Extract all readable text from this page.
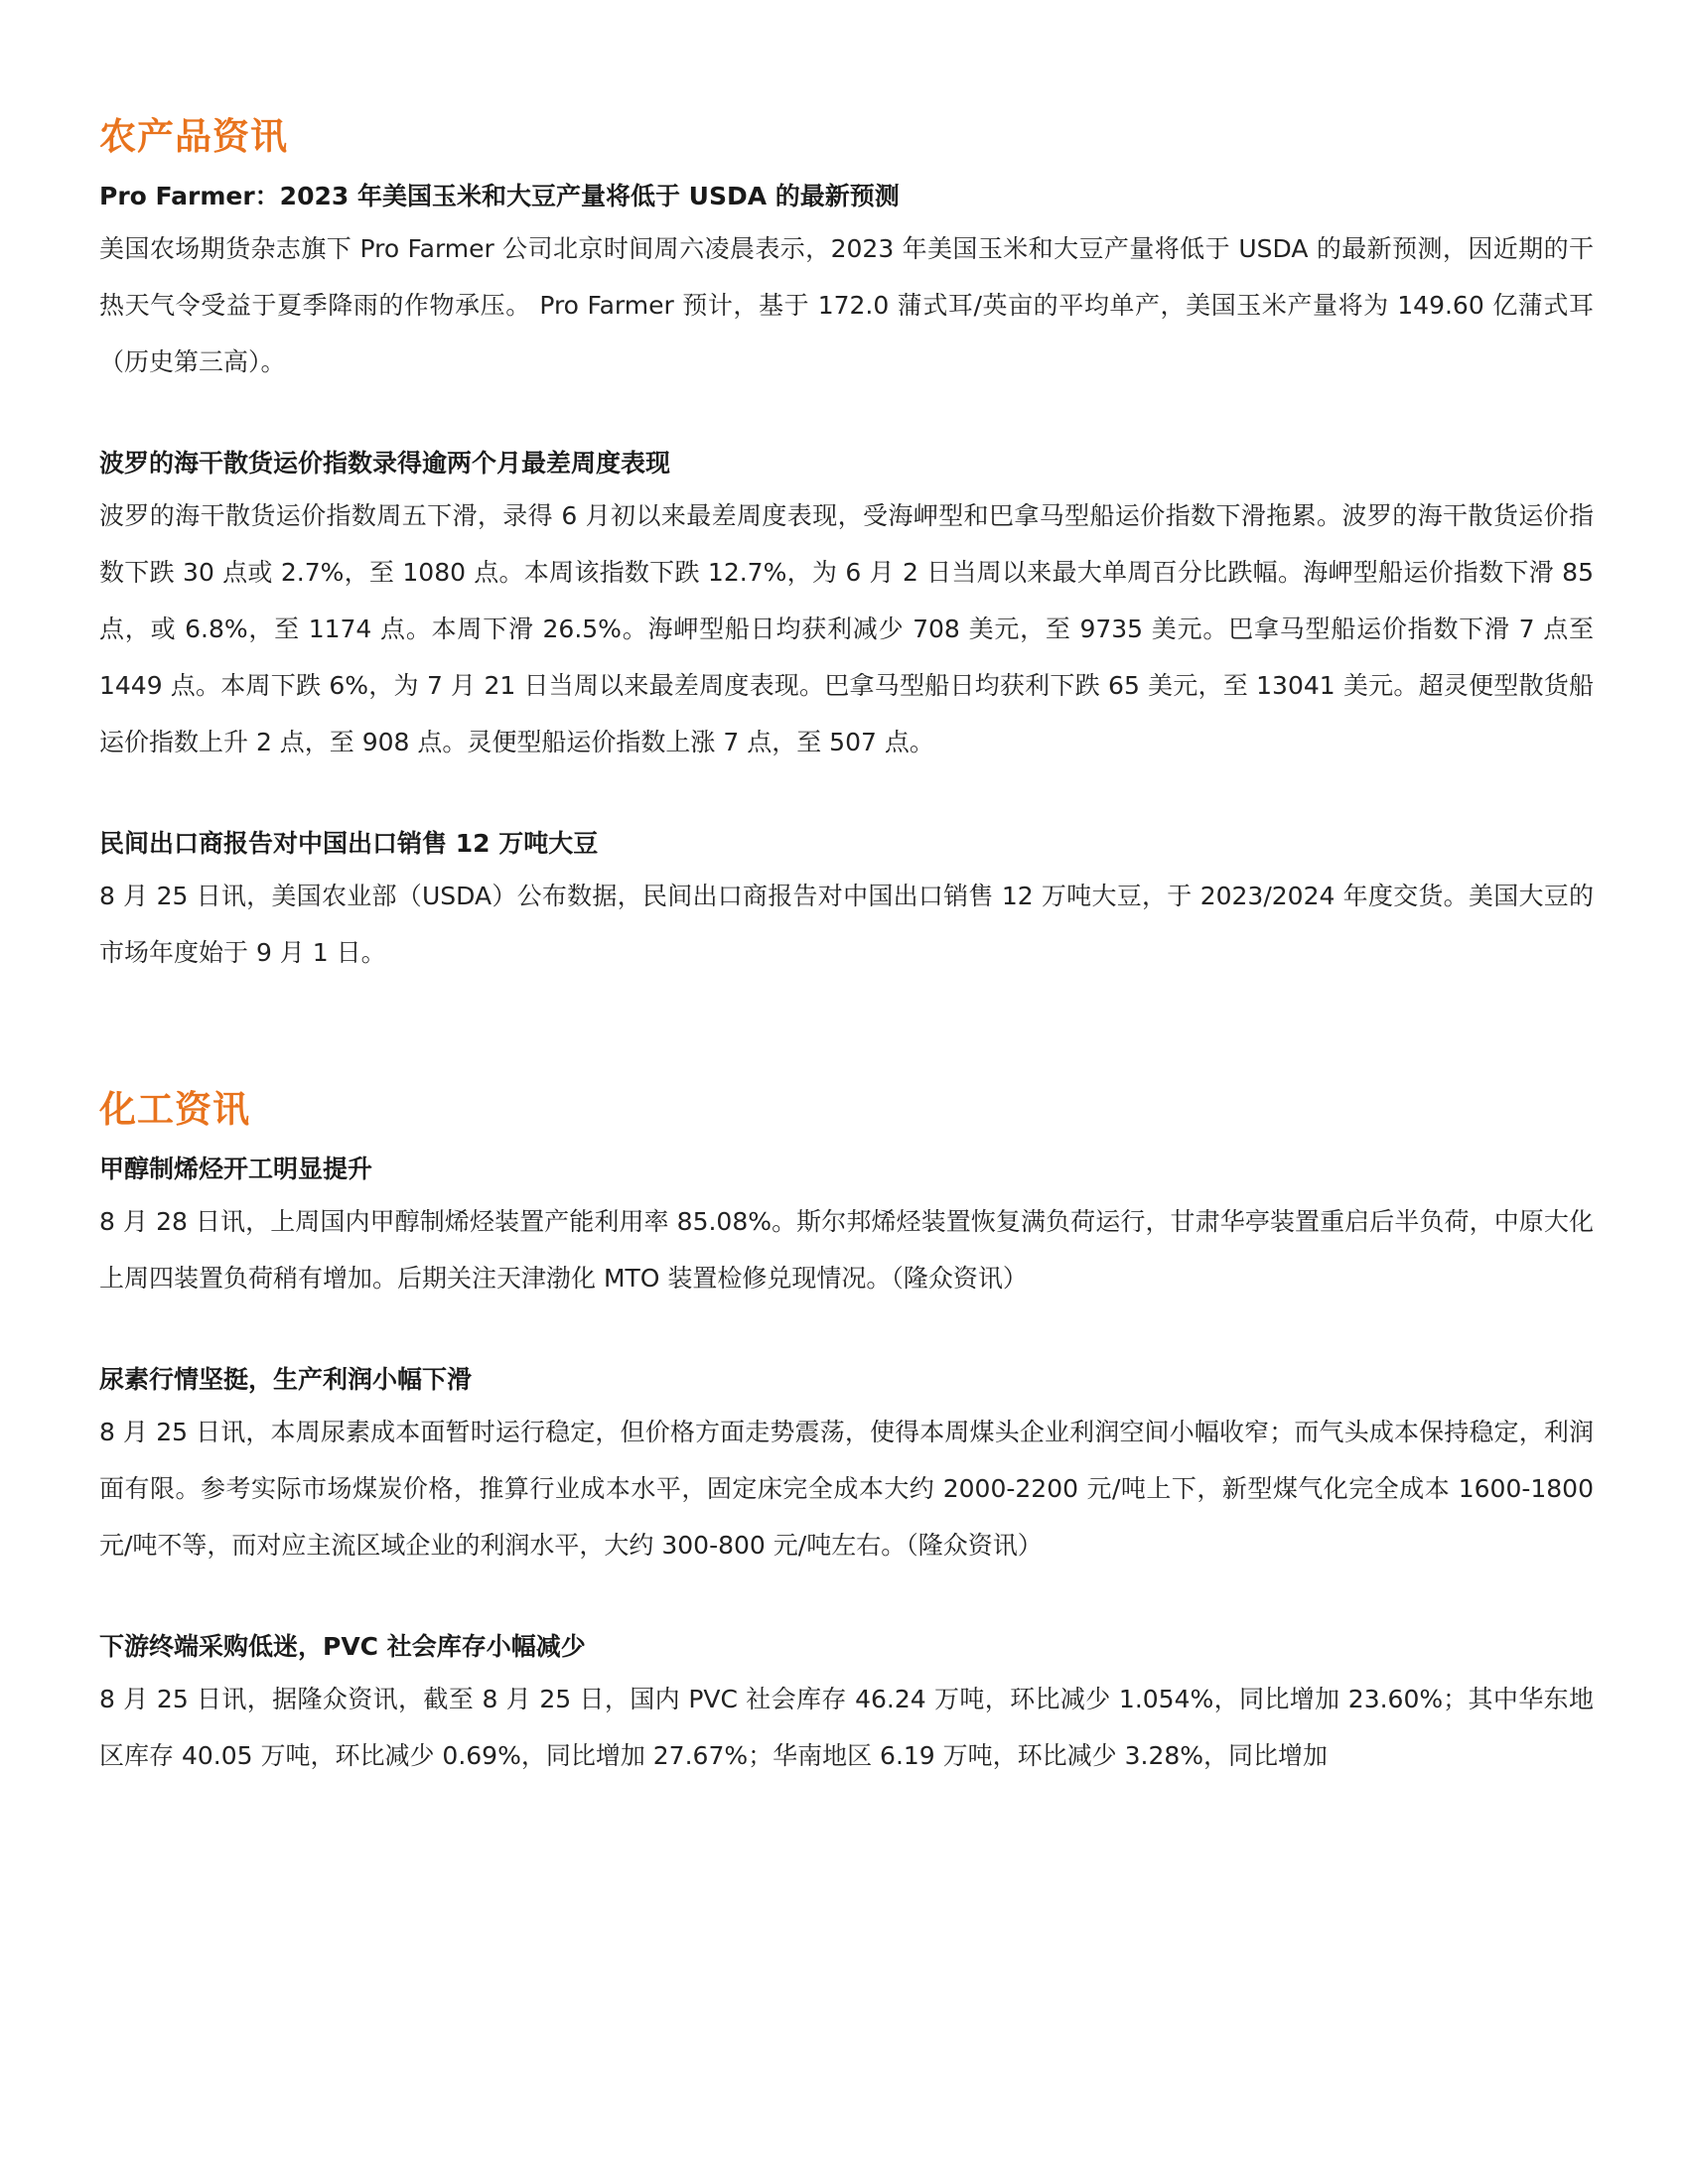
农产品资讯
Pro Farmer：2023 年美国玉米和大豆产量将低于 USDA 的最新预测

美国农场期货杂志旗下 Pro Farmer 公司北京时间周六凌晨表示，2023 年美国玉米和大豆产量将低于 USDA 的最新预测，因近期的干热天气令受益于夏季降雨的作物承压。 Pro Farmer 预计，基于 172.0 蒲式耳/英亩的平均单产，美国玉米产量将为 149.60 亿蒲式耳（历史第三高）。

波罗的海干散货运价指数录得逾两个月最差周度表现

波罗的海干散货运价指数周五下滑，录得 6 月初以来最差周度表现，受海岬型和巴拿马型船运价指数下滑拖累。波罗的海干散货运价指数下跌 30 点或 2.7%，至 1080 点。本周该指数下跌 12.7%，为 6 月 2 日当周以来最大单周百分比跌幅。海岬型船运价指数下滑 85 点，或 6.8%，至 1174 点。本周下滑 26.5%。海岬型船日均获利减少 708 美元，至 9735 美元。巴拿马型船运价指数下滑 7 点至 1449 点。本周下跌 6%，为 7 月 21 日当周以来最差周度表现。巴拿马型船日均获利下跌 65 美元，至 13041 美元。超灵便型散货船运价指数上升 2 点，至 908 点。灵便型船运价指数上涨 7 点，至 507 点。

民间出口商报告对中国出口销售 12 万吨大豆

8 月 25 日讯，美国农业部（USDA）公布数据，民间出口商报告对中国出口销售 12 万吨大豆，于 2023/2024 年度交货。美国大豆的市场年度始于 9 月 1 日。

化工资讯
甲醇制烯烃开工明显提升

8 月 28 日讯，上周国内甲醇制烯烃装置产能利用率 85.08%。斯尔邦烯烃装置恢复满负荷运行，甘肃华亭装置重启后半负荷，中原大化上周四装置负荷稍有增加。后期关注天津渤化 MTO 装置检修兑现情况。（隆众资讯）

尿素行情坚挺，生产利润小幅下滑

8 月 25 日讯，本周尿素成本面暂时运行稳定，但价格方面走势震荡，使得本周煤头企业利润空间小幅收窄；而气头成本保持稳定，利润面有限。参考实际市场煤炭价格，推算行业成本水平，固定床完全成本大约 2000-2200 元/吨上下，新型煤气化完全成本 1600-1800 元/吨不等，而对应主流区域企业的利润水平，大约 300-800 元/吨左右。（隆众资讯）

下游终端采购低迷，PVC 社会库存小幅减少

8 月 25 日讯，据隆众资讯，截至 8 月 25 日，国内 PVC 社会库存 46.24 万吨，环比减少 1.054%，同比增加 23.60%；其中华东地区库存 40.05 万吨，环比减少 0.69%，同比增加 27.67%；华南地区 6.19 万吨，环比减少 3.28%，同比增加
